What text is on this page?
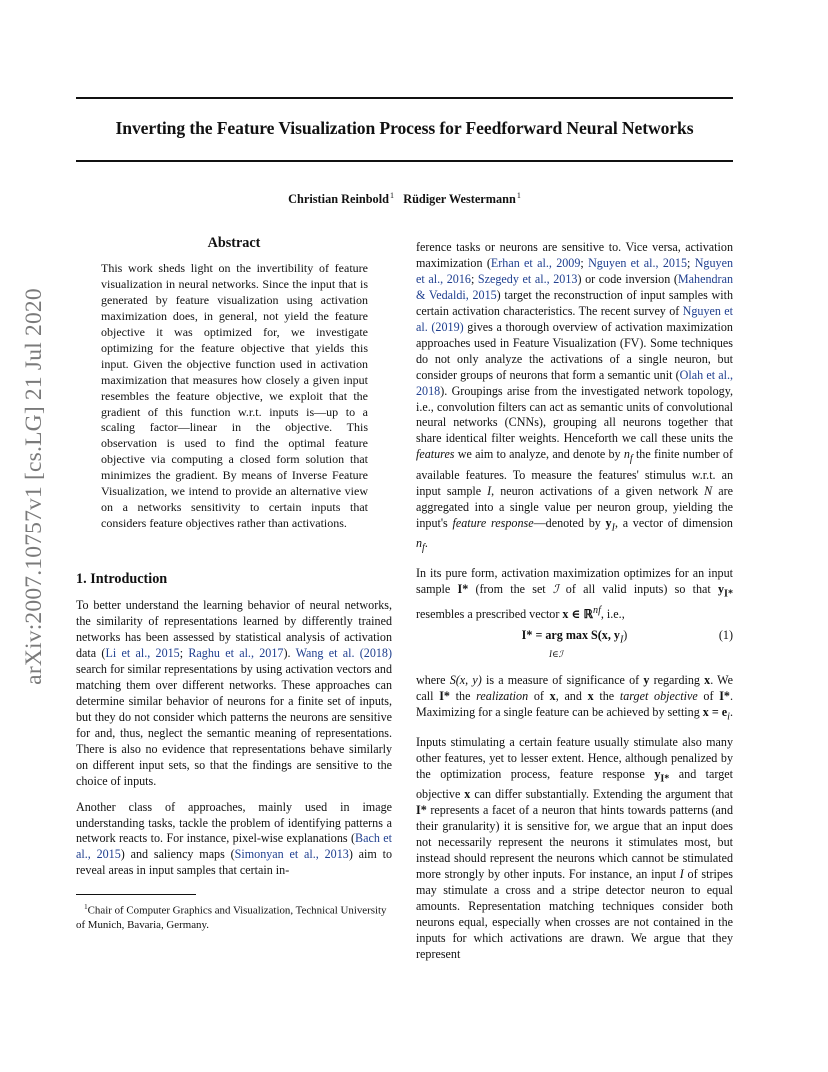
Inverting the Feature Visualization Process for Feedforward Neural Networks
Christian Reinbold$^1$ Rüdiger Westermann$^1$
arXiv:2007.10757v1 [cs.LG] 21 Jul 2020
Abstract

This work sheds light on the invertibility of feature visualization in neural networks. Since the input that is generated by feature visualization using activation maximization does, in general, not yield the feature objective it was optimized for, we investigate optimizing for the feature objective that yields this input. Given the objective function used in activation maximization that measures how closely a given input resembles the feature objective, we exploit that the gradient of this function w.r.t. inputs is—up to a scaling factor—linear in the objective. This observation is used to find the optimal feature objective via computing a closed form solution that minimizes the gradient. By means of Inverse Feature Visualization, we intend to provide an alternative view on a networks sensitivity to certain inputs that considers feature objectives rather than activations.

1. Introduction

To better understand the learning behavior of neural networks, the similarity of representations learned by differently trained networks has been assessed by statistical analysis of activation data (Li et al., 2015; Raghu et al., 2017). Wang et al. (2018) search for similar representations by using activation vectors and matching them over different networks. These approaches can determine similar behavior of neurons for a finite set of inputs, but they do not consider which patterns the neurons are sensitive for and, thus, neglect the semantic meaning of representations. There is also no evidence that representations behave similarly on different input sets, so that the findings are sensitive to the choice of inputs.

Another class of approaches, mainly used in image understanding tasks, tackle the problem of identifying patterns a network reacts to. For instance, pixel-wise explanations (Bach et al., 2015) and saliency maps (Simonyan et al., 2013) aim to reveal areas in input samples that certain in-

$^1$Chair of Computer Graphics and Visualization, Technical University of Munich, Bavaria, Germany.

ference tasks or neurons are sensitive to. Vice versa, activation maximization (Erhan et al., 2009; Nguyen et al., 2015; Nguyen et al., 2016; Szegedy et al., 2013) or code inversion (Mahendran & Vedaldi, 2015) target the reconstruction of input samples with certain activation characteristics. The recent survey of Nguyen et al. (2019) gives a thorough overview of activation maximization approaches used in Feature Visualization (FV). Some techniques do not only analyze the activations of a single neuron, but consider groups of neurons that form a semantic unit (Olah et al., 2018). Groupings arise from the investigated network topology, i.e., convolution filters can act as semantic units of convolutional neural networks (CNNs), grouping all neurons together that share identical filter weights. Henceforth we call these units the features we aim to analyze, and denote by $n_f$ the finite number of available features. To measure the features' stimulus w.r.t. an input sample I, neuron activations of a given network N are aggregated into a single value per neuron group, yielding the input's feature response—denoted by $y_I$, a vector of dimension $n_f$.

In its pure form, activation maximization optimizes for an input sample I* (from the set ℐ of all valid inputs) so that $y_{I*}$ resembles a prescribed vector x ∈ ℝ$^{nf}$, i.e.,

I* = arg max S(x, $y_I$)
I∈ℐ
(1)

where S(x, y) is a measure of significance of y regarding x. We call I* the realization of x, and x the target objective of I*. Maximizing for a single feature can be achieved by setting $x = e_i$.

Inputs stimulating a certain feature usually stimulate also many other features, yet to lesser extent. Hence, although penalized by the optimization process, feature response $y_{I*}$ and target objective x can differ substantially. Extending the argument that I* represents a facet of a neuron that hints towards patterns (and their granularity) it is sensitive for, we argue that an input does not necessarily represent the neurons it stimulates most, but instead should represent the neurons which cannot be stimulated more strongly by other inputs. For instance, an input I of stripes may stimulate a cross and a stripe detector neuron to equal amounts. Representation matching techniques consider both neurons equal, especially when crosses are not contained in the inputs for which activations are drawn. We argue that they represent
